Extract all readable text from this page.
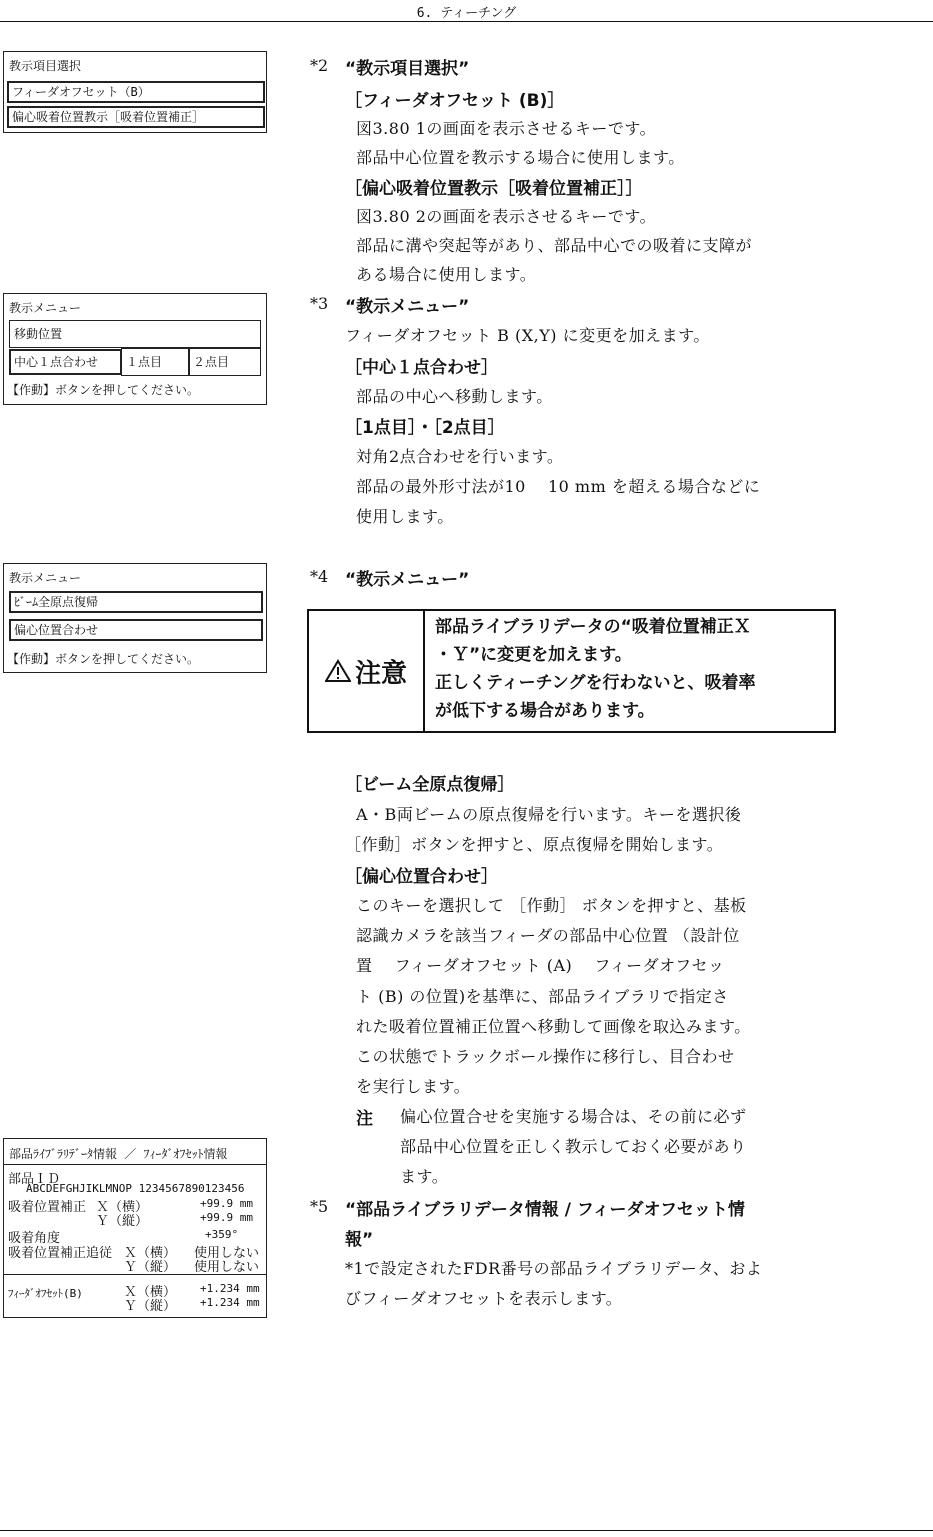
6. ティーチング
教示項目選択
フィーダオフセット（B）
偏心吸着位置教示［吸着位置補正］
教示メニュー
移動位置
中心１点合わせ	１点目	２点目
【作動】ボタンを押してください。
教示メニュー
ﾋﾞｰﾑ全原点復帰
偏心位置合わせ
【作動】ボタンを押してください。
部品ﾗｲﾌﾞﾗﾘﾃﾞｰﾀ情報 ／ ﾌｨｰﾀﾞｵﾌｾｯﾄ情報
部品ＩＤ
ABCDEFGHJIKLMNOP 1234567890123456
吸着位置補正 Ｘ（横）	+99.9 mm
Ｙ（縦）	+99.9 mm
吸着角度	+359°
吸着位置補正追従 Ｘ（横） 使用しない
Ｙ（縦） 使用しない
ﾌｨｰﾀﾞｵﾌｾｯﾄ(B)	Ｘ（横） +1.234 mm
Ｙ（縦） +1.234 mm
*2 “教示項目選択”
［フィーダオフセット (B)］
図3.80 1の画面を表示させるキーです。
部品中心位置を教示する場合に使用します。
［偏心吸着位置教示［吸着位置補正］］
図3.80 2の画面を表示させるキーです。
部品に溝や突起等があり、部品中心での吸着に支障が
ある場合に使用します。
*3 “教示メニュー”
フィーダオフセット B (X,Y) に変更を加えます。
［中心１点合わせ］
部品の中心へ移動します。
［1点目］・［2点目］
対角2点合わせを行います。
部品の最外形寸法が10　 10 mm を超える場合などに
使用します。
*4 “教示メニュー”
注意
部品ライブラリデータの“吸着位置補正Ｘ
・Ｙ”に変更を加えます。
正しくティーチングを行わないと、吸着率
が低下する場合があります。
［ビーム全原点復帰］
A・B両ビームの原点復帰を行います。キーを選択後
［作動］ボタンを押すと、原点復帰を開始します。
［偏心位置合わせ］
このキーを選択して ［作動］ ボタンを押すと、基板
認識カメラを該当フィーダの部品中心位置 （設計位
置　 フィーダオフセット (A)　 フィーダオフセッ
ト (B) の位置)を基準に、部品ライブラリで指定さ
れた吸着位置補正位置へ移動して画像を取込みます。
この状態でトラックボール操作に移行し、目合わせ
を実行します。
注 偏心位置合せを実施する場合は、その前に必ず
部品中心位置を正しく教示しておく必要があり
ます。
*5 “部品ライブラリデータ情報 / フィーダオフセット情
報”
*1で設定されたFDR番号の部品ライブラリデータ、およ
びフィーダオフセットを表示します。
